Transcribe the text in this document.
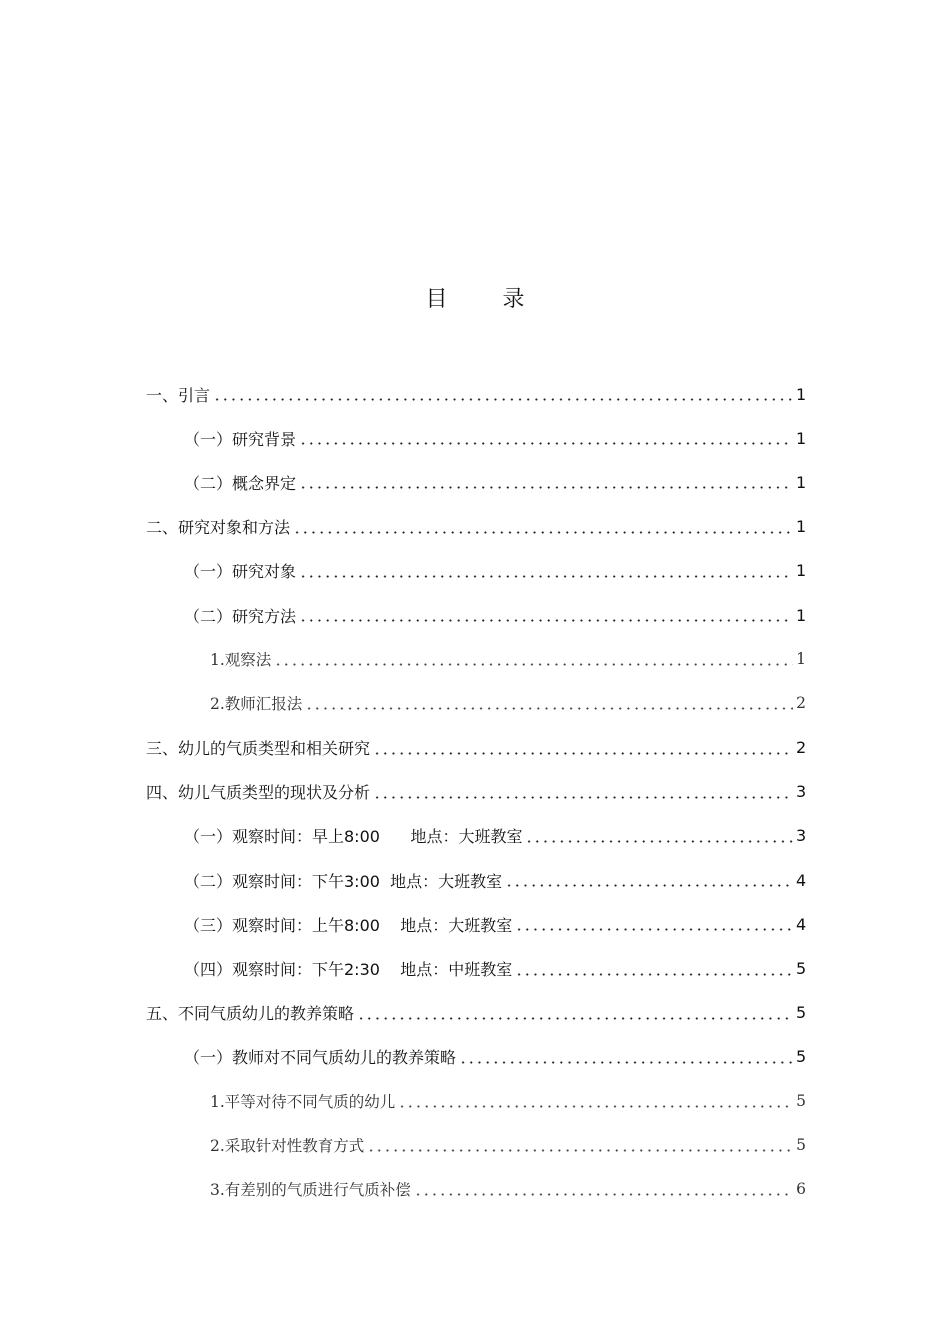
目 录
一、引言	1
（一）研究背景	1
（二）概念界定	1
二、研究对象和方法	1
（一）研究对象	1
（二）研究方法	1
1.观察法	1
2.教师汇报法	2
三、幼儿的气质类型和相关研究	2
四、幼儿气质类型的现状及分析	3
（一）观察时间：早上8:00      地点：大班教室	3
（二）观察时间：下午3:00  地点：大班教室	4
（三）观察时间：上午8:00    地点：大班教室	4
（四）观察时间：下午2:30    地点：中班教室	5
五、不同气质幼儿的教养策略	5
（一）教师对不同气质幼儿的教养策略	5
1.平等对待不同气质的幼儿	5
2.采取针对性教育方式	5
3.有差别的气质进行气质补偿	6
